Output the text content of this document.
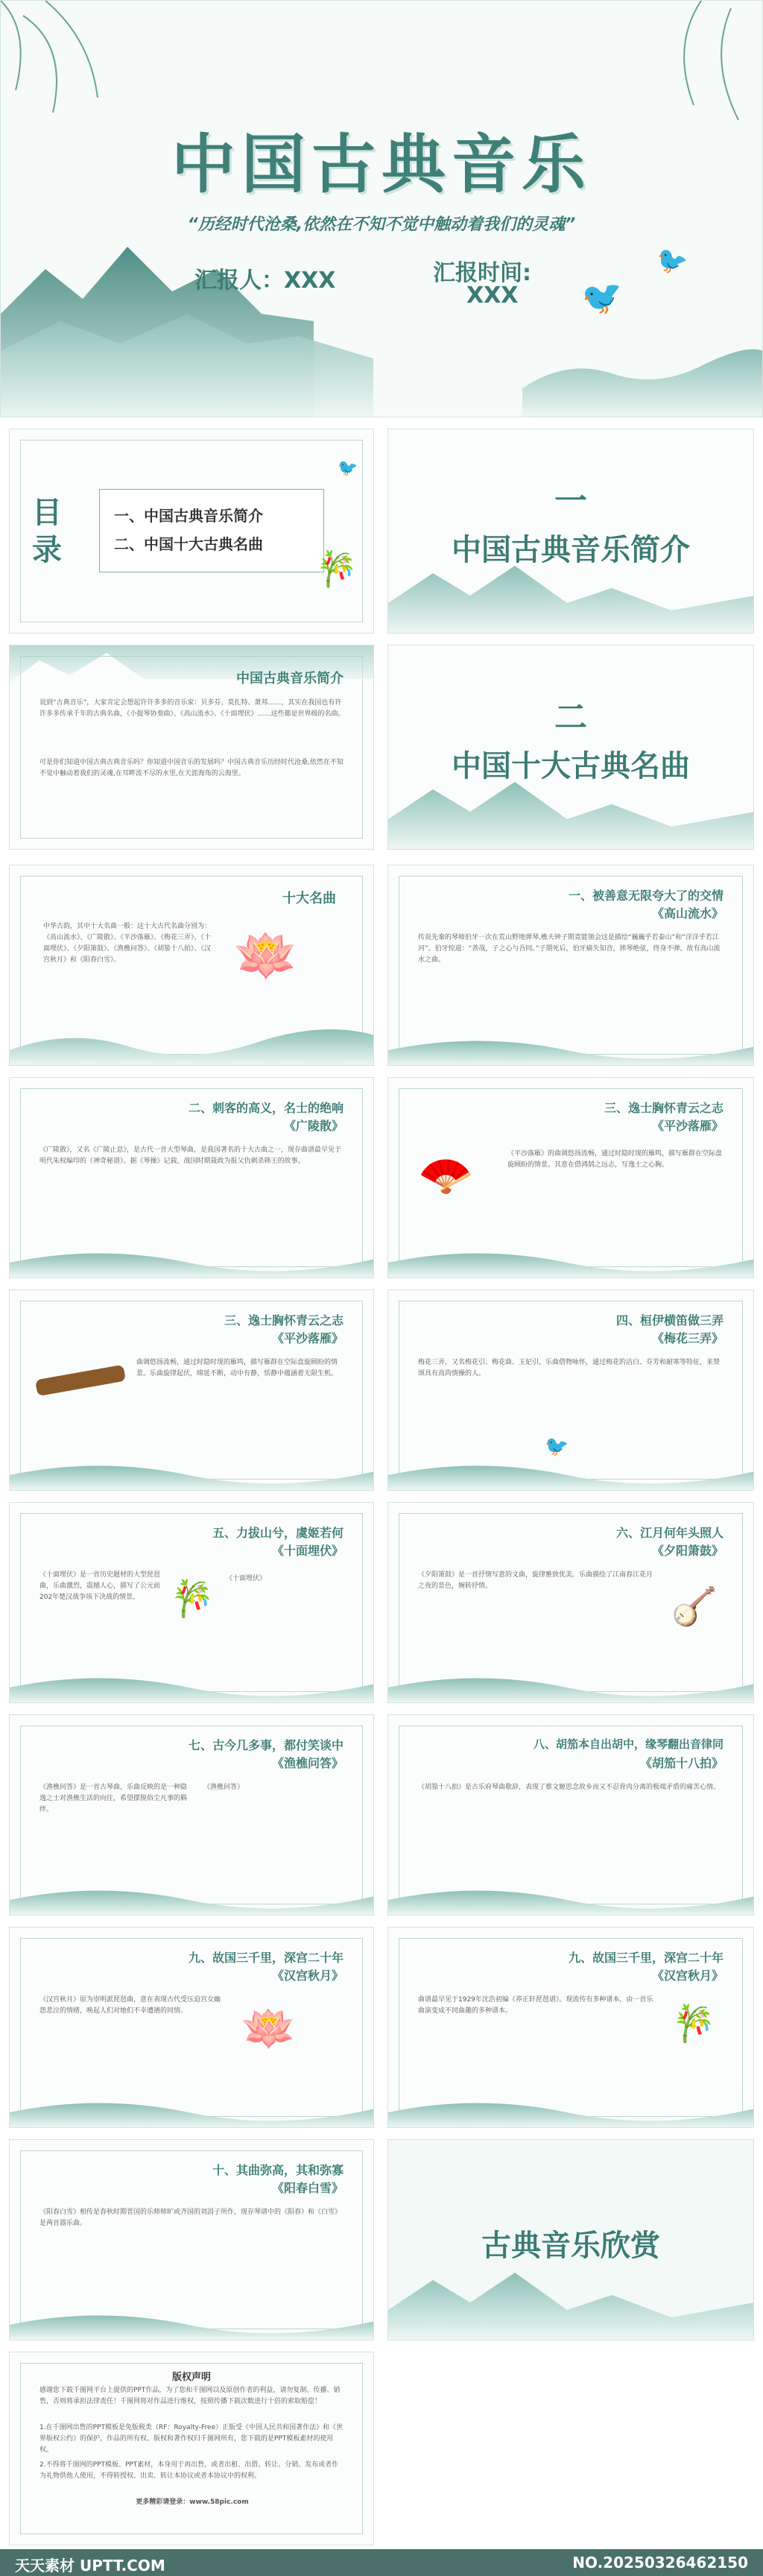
🐦
🐦
中国古典音乐
“历经时代沧桑,依然在不知不觉中触动着我们的灵魂”
汇报人：XXX	汇报时间:
XXX
目
录
一、中国古典音乐简介
二、中国十大古典名曲
🎋
🐦
一
中国古典音乐简介
二
中国十大古典名曲
中国古典音乐简介
说到“古典音乐”，大家肯定会想起许许多多的音乐家：贝多芬、莫扎特、萧邦……，其实在我国也有许许多多传承千年的古典名曲，《小提琴协奏曲》、《高山流水》、《十面埋伏》……这些都是世界级的名曲。
可是你们知道中国古典古典音乐吗？你知道中国音乐的发展吗？中国古典音乐历经时代沧桑,依然在不知不觉中触动着我们的灵魂,在耳畔流不尽的水里,在天涯海角的云海里。
十大名曲
中华古韵，其中十大名曲一般：这十大古代名曲分别为：《高山流水》、《广陵散》、《平沙落雁》、《梅花三弄》、《十面埋伏》、《夕阳箫鼓》、《渔樵问答》、《胡笳十八拍》、《汉宫秋月》和《阳春白雪》。	🪷
一、被善意无限夸大了的交情
《高山流水》
传说先秦的琴师伯牙一次在荒山野地弹琴,樵夫钟子期竟能领会这是描绘“巍巍乎若泰山”和“洋洋乎若江河”。伯牙惊道：“善哉，子之心与吾同。”子期死后，伯牙痛失知音，摔琴绝弦，终身不弹。故有高山流水之曲。
二、刺客的高义，名士的绝响
《广陵散》
《广陵散》，又名《广陵止息》，是古代一首大型琴曲，是我国著名的十大古曲之一，现存曲谱最早见于明代朱权编印的《神奇秘谱》。据《琴操》记载，战国时期聂政为报父仇刺杀韩王的故事。
三、逸士胸怀青云之志
《平沙落雁》
🪭	《平沙落雁》的曲调悠扬流畅，通过时隐时现的雁鸣，描写雁群在空际盘旋顾盼的情景。其意在借鸿鹄之远志，写逸士之心胸。
三、逸士胸怀青云之志
《平沙落雁》
曲调悠扬流畅，通过时隐时现的雁鸣，描写雁群在空际盘旋顾盼的情景。乐曲旋律起伏，绵延不断，动中有静，恬静中蕴涵着无限生机。
四、桓伊横笛做三弄
《梅花三弄》
梅花三弄，又名梅花引、梅花曲、玉妃引。乐曲借物咏怀，通过梅花的洁白、芬芳和耐寒等特征，来赞颂具有高尚情操的人。
🐦
五、力拔山兮，虞姬若何
《十面埋伏》
《十面埋伏》是一首历史题材的大型琵琶曲，乐曲激烈，震撼人心，描写了公元前202年楚汉战争垓下决战的情景。 🎋 《十面埋伏》
六、江月何年头照人
《夕阳箫鼓》
《夕阳箫鼓》是一首抒情写意的文曲，旋律雅致优美。乐曲描绘了江南春江花月之夜的景色，婉转抒情。	🪕
七、古今几多事，都付笑谈中
《渔樵问答》
《渔樵问答》是一首古琴曲，乐曲反映的是一种隐逸之士对渔樵生活的向往，希望摆脱俗尘凡事的羁绊。
《渔樵问答》
八、胡笳本自出胡中，缘琴翻出音律同
《胡笳十八拍》
《胡笳十八拍》是古乐府琴曲歌辞，表现了蔡文姬思念故乡而又不忍骨肉分离的极端矛盾的痛苦心情。
九、故国三千里，深宫二十年
《汉宫秋月》
《汉宫秋月》原为崇明派琵琶曲，意在表现古代受压迫宫女幽怨悲泣的情绪，唤起人们对她们不幸遭遇的同情。	🪷
九、故国三千里，深宫二十年
《汉宫秋月》
曲谱最早见于1929年沈浩初编《养正轩琵琶谱》。现流传有多种谱本，由一首乐曲演变成不同曲趣的多种谱本。	🎋
十、其曲弥高，其和弥寡
《阳春白雪》
《阳春白雪》相传是春秋时期晋国的乐师师旷或齐国的刘涓子所作，现存琴谱中的《阳春》和《白雪》是两首器乐曲。
古典音乐欣赏
版权声明
感谢您下载千图网平台上提供的PPT作品，为了您和千图网以及原创作者的利益，请勿复制、传播、销售，否则将承担法律责任！千图网将对作品进行维权，按照传播下载次数进行十倍的索取赔偿！
1.在千图网出售的PPT模板是免版税类（RF：Royalty-Free）正版受《中国人民共和国著作法》和《世界版权公约》的保护，作品的所有权、版权和著作权归千图网所有，您下载的是PPT模板素材的使用权。
2.不得将千图网的PPT模板、PPT素材，本身用于再出售，或者出租、出借、转让、分销、发布或者作为礼物供他人使用，不得转授权、出卖、转让本协议或者本协议中的权利。
更多精彩请登录：www.58pic.com
天天素材 UPTT.COM	NO.20250326462150
